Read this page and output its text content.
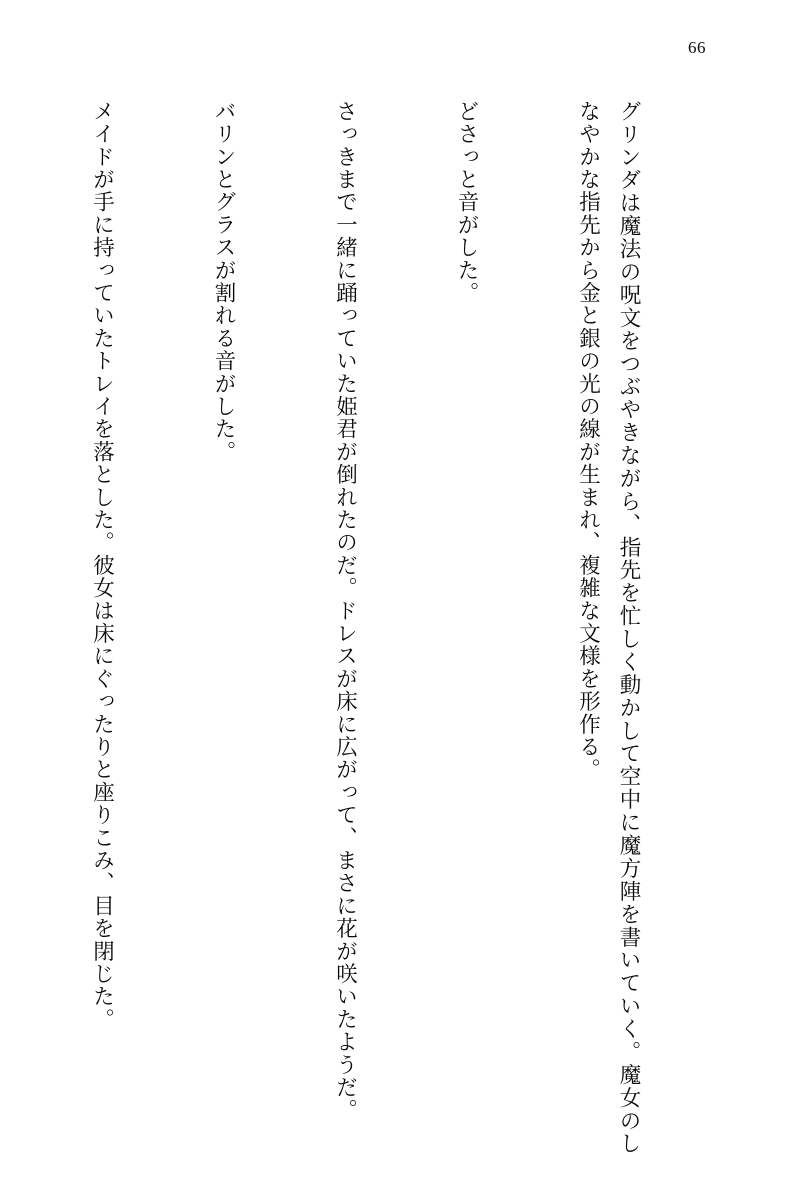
66

グリンダは魔法の呪文をつぶやきながら、指先を忙しく動かして空中に魔方陣を書いていく。魔女のしなやかな指先から金と銀の光の線が生まれ、複雑な文様を形作る。

どさっと音がした。

さっきまで一緒に踊っていた姫君が倒れたのだ。ドレスが床に広がって、まさに花が咲いたようだ。

バリンとグラスが割れる音がした。

メイドが手に持っていたトレイを落とした。彼女は床にぐったりと座りこみ、目を閉じた。
